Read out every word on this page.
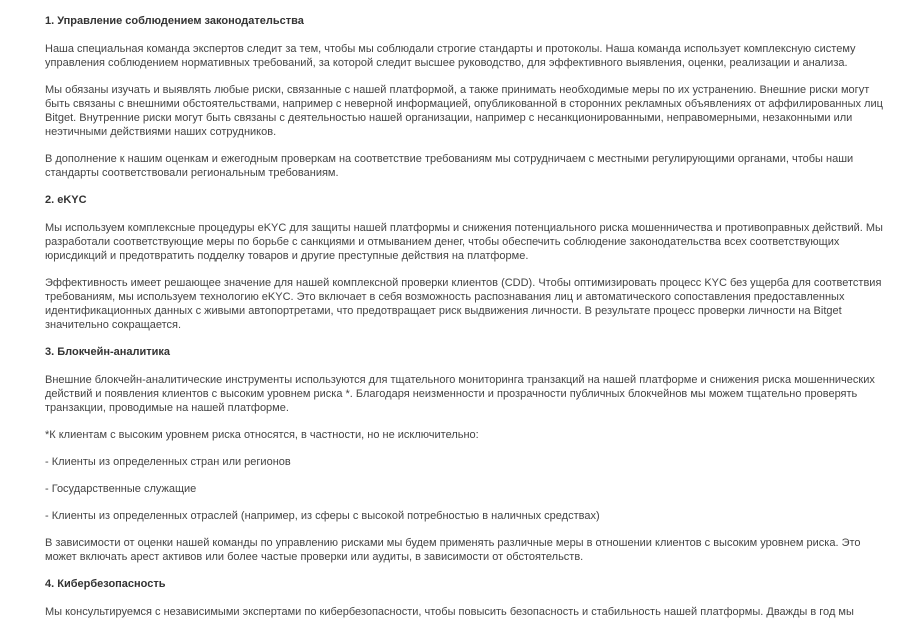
1. Управление соблюдением законодательства

Наша специальная команда экспертов следит за тем, чтобы мы соблюдали строгие стандарты и протоколы. Наша команда использует комплексную систему управления соблюдением нормативных требований, за которой следит высшее руководство, для эффективного выявления, оценки, реализации и анализа.

Мы обязаны изучать и выявлять любые риски, связанные с нашей платформой, а также принимать необходимые меры по их устранению. Внешние риски могут быть связаны с внешними обстоятельствами, например с неверной информацией, опубликованной в сторонних рекламных объявлениях от аффилированных лиц Bitget. Внутренние риски могут быть связаны с деятельностью нашей организации, например с несанкционированными, неправомерными, незаконными или неэтичными действиями наших сотрудников.

В дополнение к нашим оценкам и ежегодным проверкам на соответствие требованиям мы сотрудничаем с местными регулирующими органами, чтобы наши стандарты соответствовали региональным требованиям.

2. eKYC

Мы используем комплексные процедуры eKYC для защиты нашей платформы и снижения потенциального риска мошенничества и противоправных действий. Мы разработали соответствующие меры по борьбе с санкциями и отмыванием денег, чтобы обеспечить соблюдение законодательства всех соответствующих юрисдикций и предотвратить подделку товаров и другие преступные действия на платформе.

Эффективность имеет решающее значение для нашей комплексной проверки клиентов (CDD). Чтобы оптимизировать процесс KYC без ущерба для соответствия требованиям, мы используем технологию eKYC. Это включает в себя возможность распознавания лиц и автоматического сопоставления предоставленных идентификационных данных с живыми автопортретами, что предотвращает риск выдвижения личности. В результате процесс проверки личности на Bitget значительно сокращается.

3. Блокчейн-аналитика

Внешние блокчейн-аналитические инструменты используются для тщательного мониторинга транзакций на нашей платформе и снижения риска мошеннических действий и появления клиентов с высоким уровнем риска *. Благодаря неизменности и прозрачности публичных блокчейнов мы можем тщательно проверять транзакции, проводимые на нашей платформе.

*К клиентам с высоким уровнем риска относятся, в частности, но не исключительно:

- Клиенты из определенных стран или регионов

- Государственные служащие

- Клиенты из определенных отраслей (например, из сферы с высокой потребностью в наличных средствах)

В зависимости от оценки нашей команды по управлению рисками мы будем применять различные меры в отношении клиентов с высоким уровнем риска. Это может включать арест активов или более частые проверки или аудиты, в зависимости от обстоятельств.

4. Кибербезопасность

Мы консультируемся с независимыми экспертами по кибербезопасности, чтобы повысить безопасность и стабильность нашей платформы. Дважды в год мы
